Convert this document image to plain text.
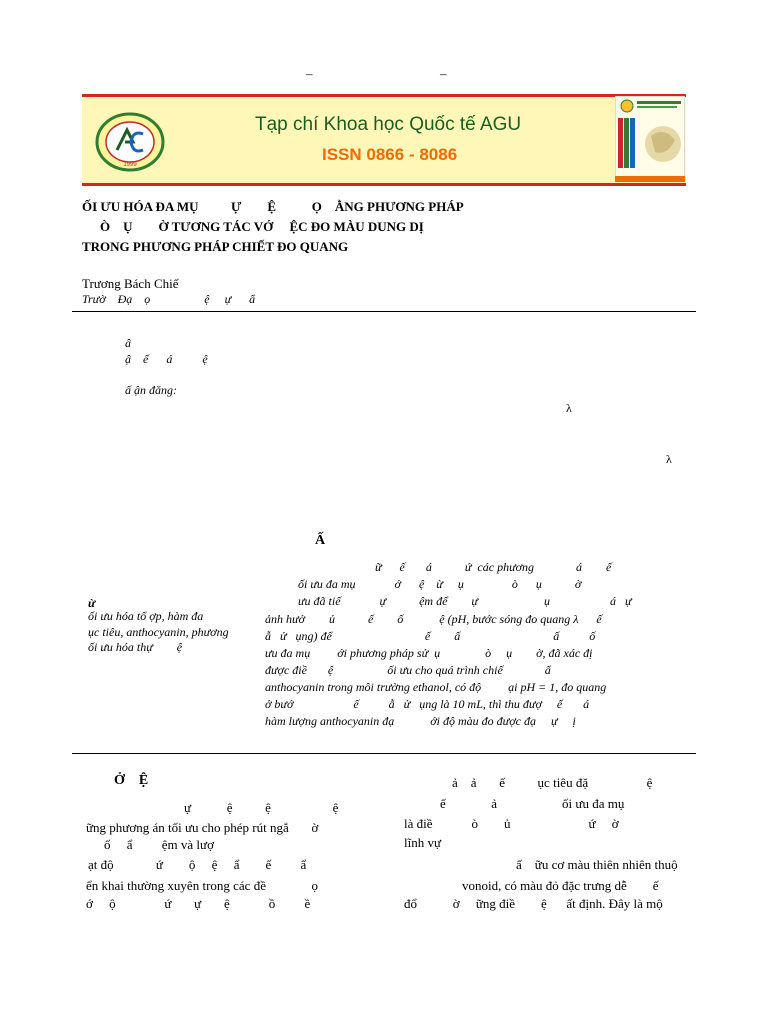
–	–
1999
Tạp chí Khoa học Quốc tế AGU
ISSN 0866 - 8086
ỐI ƯU HÓA ĐA MỤ          Ự        Ệ           Ọ    ẰNG PHƯƠNG PHÁP
Ò    Ụ        Ờ TƯƠNG TÁC VỚ     ỆC ĐO MÀU DUNG DỊ
TRONG PHƯƠNG PHÁP CHIẾT ĐO QUANG
Trương Bách Chiế
Trườ    Đạ    ọ                  ệ     ự      ẩ
â
ậ    ế      á          ệ
ấ ận đăng:
λ
λ
Ấ
ừ
ối ưu hóa tổ ợp, hàm đa
ục tiêu, anthocyanin, phương
ối ưu hóa thự        ệ
ữ      ế       á           ứ  các phương              á        ế
ối ưu đa mụ             ớ      ệ    ừ     ụ                ò      ụ           ờ
ưu đã tiế             ự           ệm để        ự                      ụ                    á   ự
ảnh hưở        ủ           ế        ố            ệ (pH, bước sóng đo quang λ      ế
ẫ   ử   ụng) để                               ế        ấ                               ấ          ố
ưu đa mụ         ới phương pháp sử  ụ               ò     ụ        ờ, đã xác đị
được điề       ệ                  ối ưu cho quá trình chiế              ấ
anthocyanin trong môi trường ethanol, có độ         ại pH = 1, đo quang
ở bướ                    ế          ẫ   ử   ụng là 10 mL, thì thu đượ     ế       á
hàm lượng anthocyanin đạ            ới độ màu đo được đạ     ự     ị
Ở    Ệ
ự           ệ          ệ                   ệ
ững phương án tối ưu cho phép rút ngắ       ờ
ố     ẩ         ệm và lượ
ạt độ             ứ        ộ     ệ     ẩ        ế         ẩ
ển khai thường xuyên trong các đề              ọ
ớ     ộ               ứ       ự       ệ            ồ         ề
ả    ả       ế          ục tiêu đặ                  ệ
ế              ả                    ối ưu đa mụ
là điề            ò        ủ                        ứ     ờ
lĩnh vự
ấ    ữu cơ màu thiên nhiên thuộ
vonoid, có màu đỏ đặc trưng dễ        ế
đổ           ờ     ững điề        ệ      ất định. Đây là mộ
